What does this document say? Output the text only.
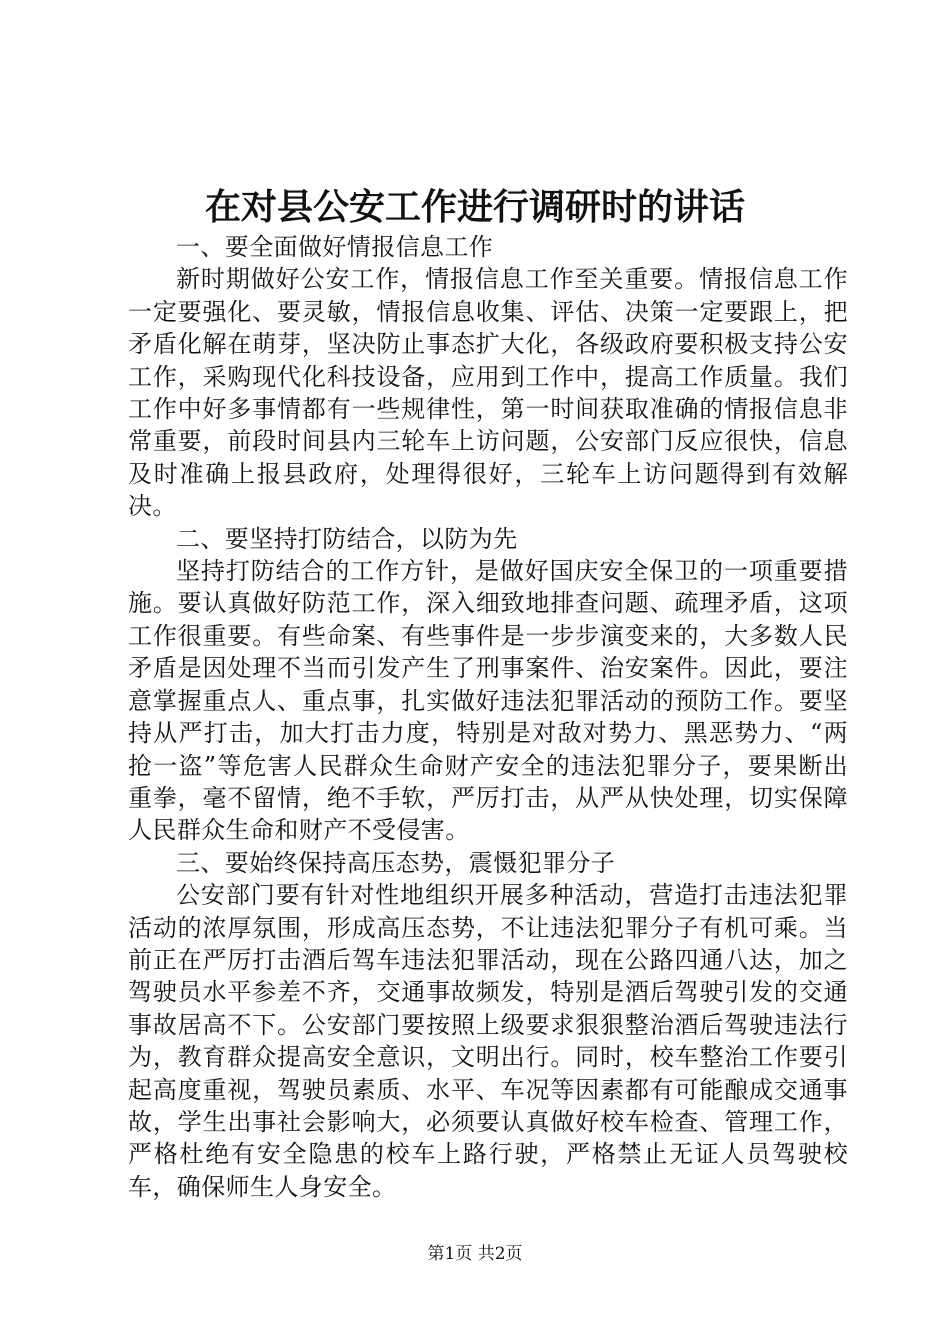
在对县公安工作进行调研时的讲话

一、要全面做好情报信息工作

新时期做好公安工作，情报信息工作至关重要。情报信息工作一定要强化、要灵敏，情报信息收集、评估、决策一定要跟上，把矛盾化解在萌芽，坚决防止事态扩大化，各级政府要积极支持公安工作，采购现代化科技设备，应用到工作中，提高工作质量。我们工作中好多事情都有一些规律性，第一时间获取准确的情报信息非常重要，前段时间县内三轮车上访问题，公安部门反应很快，信息及时准确上报县政府，处理得很好，三轮车上访问题得到有效解决。

二、要坚持打防结合，以防为先

坚持打防结合的工作方针，是做好国庆安全保卫的一项重要措施。要认真做好防范工作，深入细致地排查问题、疏理矛盾，这项工作很重要。有些命案、有些事件是一步步演变来的，大多数人民矛盾是因处理不当而引发产生了刑事案件、治安案件。因此，要注意掌握重点人、重点事，扎实做好违法犯罪活动的预防工作。要坚持从严打击，加大打击力度，特别是对敌对势力、黑恶势力、“两抢一盗”等危害人民群众生命财产安全的违法犯罪分子，要果断出重拳，毫不留情，绝不手软，严厉打击，从严从快处理，切实保障人民群众生命和财产不受侵害。

三、要始终保持高压态势，震慑犯罪分子

公安部门要有针对性地组织开展多种活动，营造打击违法犯罪活动的浓厚氛围，形成高压态势，不让违法犯罪分子有机可乘。当前正在严厉打击酒后驾车违法犯罪活动，现在公路四通八达，加之驾驶员水平参差不齐，交通事故频发，特别是酒后驾驶引发的交通事故居高不下。公安部门要按照上级要求狠狠整治酒后驾驶违法行为，教育群众提高安全意识，文明出行。同时，校车整治工作要引起高度重视，驾驶员素质、水平、车况等因素都有可能酿成交通事故，学生出事社会影响大，必须要认真做好校车检查、管理工作，严格杜绝有安全隐患的校车上路行驶，严格禁止无证人员驾驶校车，确保师生人身安全。

第1页 共2页
